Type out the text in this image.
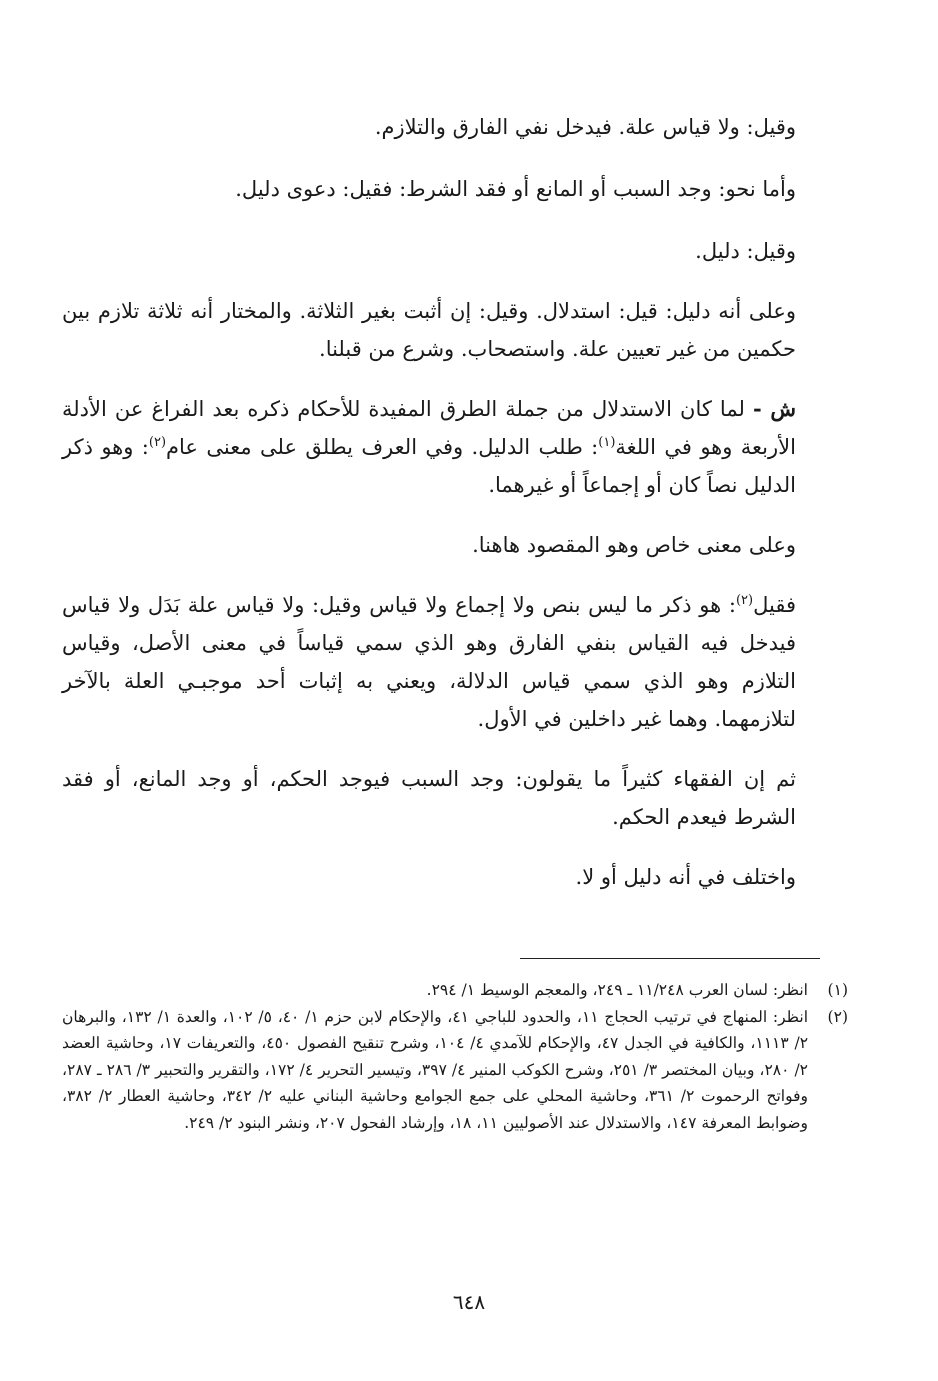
وقيل: ولا قياس علة. فيدخل نفي الفارق والتلازم.

وأما نحو: وجد السبب أو المانع أو فقد الشرط: فقيل: دعوى دليل.

وقيل: دليل.

وعلى أنه دليل: قيل: استدلال. وقيل: إن أثبت بغير الثلاثة. والمختار أنه ثلاثة تلازم بين حكمين من غير تعيين علة. واستصحاب. وشرع من قبلنا.

ش - لما كان الاستدلال من جملة الطرق المفيدة للأحكام ذكره بعد الفراغ عن الأدلة الأربعة وهو في اللغة$^{(١)}$: طلب الدليل. وفي العرف يطلق على معنى عام$^{(٢)}$: وهو ذكر الدليل نصاً كان أو إجماعاً أو غيرهما.

وعلى معنى خاص وهو المقصود هاهنا.

فقيل$^{(٢)}$: هو ذكر ما ليس بنص ولا إجماع ولا قياس وقيل: ولا قياس علة بَدَل ولا قياس فيدخل فيه القياس بنفي الفارق وهو الذي سمي قياساً في معنى الأصل، وقياس التلازم وهو الذي سمي قياس الدلالة، ويعني به إثبات أحد موجبـي العلة بالآخر لتلازمهما. وهما غير داخلين في الأول.

ثم إن الفقهاء كثيراً ما يقولون: وجد السبب فيوجد الحكم، أو وجد المانع، أو فقد الشرط فيعدم الحكم.

واختلف في أنه دليل أو لا.

(١)
انظر: لسان العرب ١١/٢٤٨ ـ ٢٤٩، والمعجم الوسيط ١/ ٢٩٤.
(٢)
انظر: المنهاج في ترتيب الحجاج ١١، والحدود للباجي ٤١، والإحكام لابن حزم ١/ ٤٠، ٥/ ١٠٢، والعدة ١/ ١٣٢، والبرهان ٢/ ١١١٣، والكافية في الجدل ٤٧، والإحكام للآمدي ٤/ ١٠٤، وشرح تنقيح الفصول ٤٥٠، والتعريفات ١٧، وحاشية العضد ٢/ ٢٨٠، وبيان المختصر ٣/ ٢٥١، وشرح الكوكب المنير ٤/ ٣٩٧، وتيسير التحرير ٤/ ١٧٢، والتقرير والتحبير ٣/ ٢٨٦ ـ ٢٨٧، وفواتح الرحموت ٢/ ٣٦١، وحاشية المحلي على جمع الجوامع وحاشية البناني عليه ٢/ ٣٤٢، وحاشية العطار ٢/ ٣٨٢، وضوابط المعرفة ١٤٧، والاستدلال عند الأصوليين ١١، ١٨، وإرشاد الفحول ٢٠٧، ونشر البنود ٢/ ٢٤٩.
٦٤٨
